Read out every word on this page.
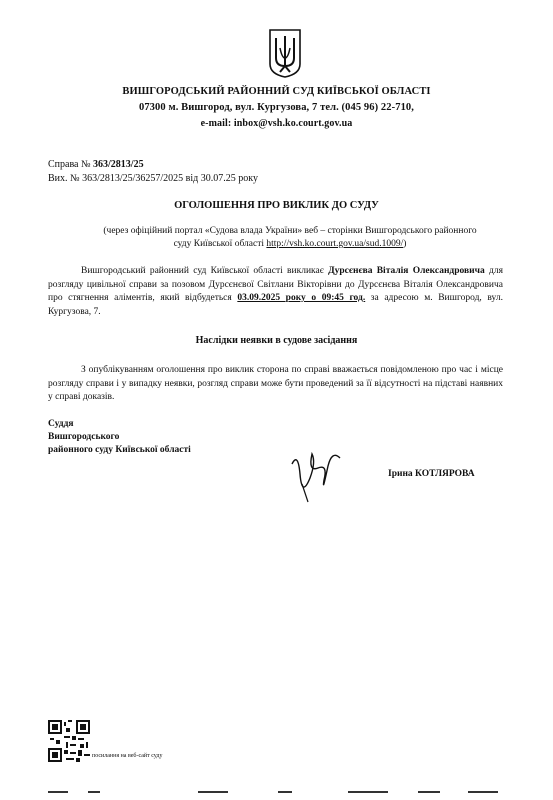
ВИШГОРОДСЬКИЙ РАЙОННИЙ СУД КИЇВСЬКОЇ ОБЛАСТІ
07300 м. Вишгород, вул. Кургузова, 7 тел. (045 96) 22-710,
e-mail: inbox@vsh.ko.court.gov.ua
Справа № 363/2813/25
Вих. № 363/2813/25/36257/2025 від 30.07.25 року
ОГОЛОШЕННЯ ПРО ВИКЛИК ДО СУДУ
(через офіційний портал «Судова влада України» веб – сторінки Вишгородського районного
суду Київської області http://vsh.ko.court.gov.ua/sud.1009/)
Вишгородський районний суд Київської області викликає Дурсєнєва Віталія Олександровича для розгляду цивільної справи за позовом Дурсєнєвої Світлани Вікторівни до Дурсєнєва Віталія Олександровича про стягнення аліментів, який відбудеться 03.09.2025 року о 09:45 год. за адресою м. Вишгород, вул. Кургузова, 7.
Наслідки неявки в судове засідання
З опублікуванням оголошення про виклик сторона по справі вважається повідомленою про час і місце розгляду справи і у випадку неявки, розгляд справи може бути проведений за її відсутності на підставі наявних у справі доказів.
Суддя
Вишгородського
районного суду Київської області
Ірина КОТЛЯРОВА
посилання на веб-сайт суду
